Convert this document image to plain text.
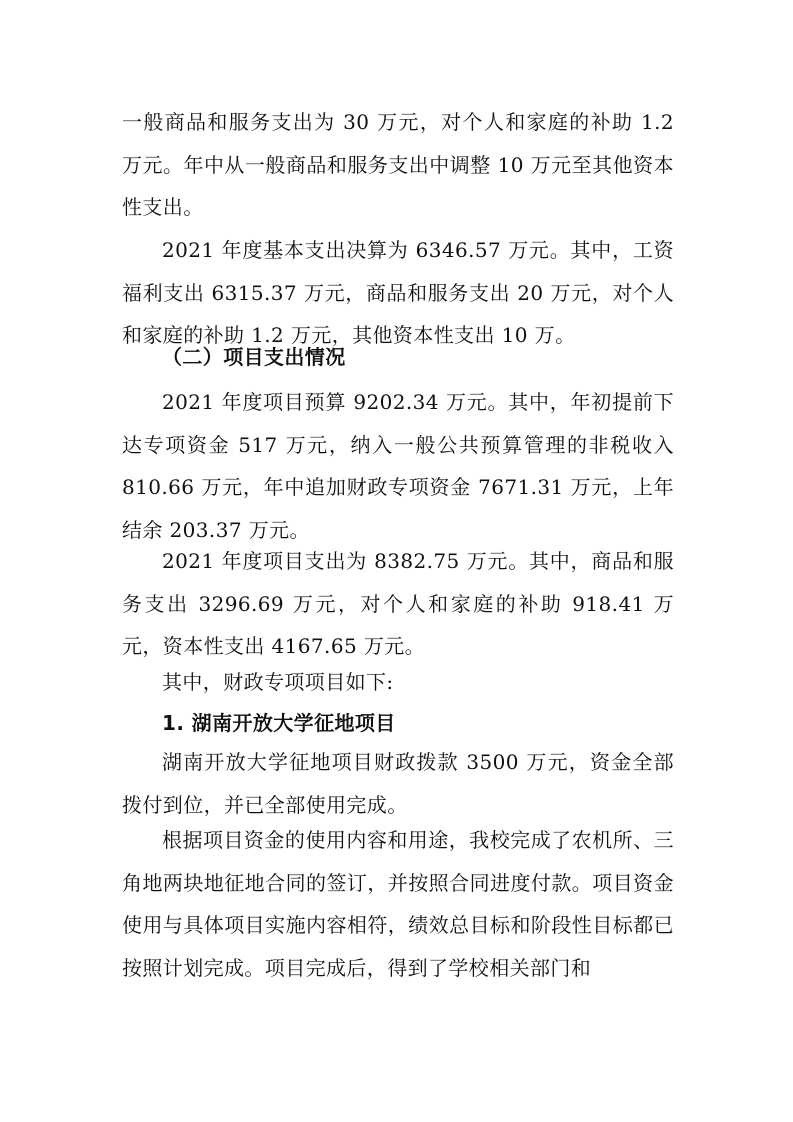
一般商品和服务支出为 30 万元，对个人和家庭的补助 1.2 万元。年中从一般商品和服务支出中调整 10 万元至其他资本性支出。

2021 年度基本支出决算为 6346.57 万元。其中，工资福利支出 6315.37 万元，商品和服务支出 20 万元，对个人和家庭的补助 1.2 万元，其他资本性支出 10 万。

（二）项目支出情况

2021 年度项目预算 9202.34 万元。其中，年初提前下达专项资金 517 万元，纳入一般公共预算管理的非税收入 810.66 万元，年中追加财政专项资金 7671.31 万元，上年结余 203.37 万元。

2021 年度项目支出为 8382.75 万元。其中，商品和服务支出 3296.69 万元，对个人和家庭的补助 918.41 万元，资本性支出 4167.65 万元。

其中，财政专项项目如下:

1. 湖南开放大学征地项目

湖南开放大学征地项目财政拨款 3500 万元，资金全部拨付到位，并已全部使用完成。

根据项目资金的使用内容和用途，我校完成了农机所、三角地两块地征地合同的签订，并按照合同进度付款。项目资金使用与具体项目实施内容相符，绩效总目标和阶段性目标都已按照计划完成。项目完成后，得到了学校相关部门和
